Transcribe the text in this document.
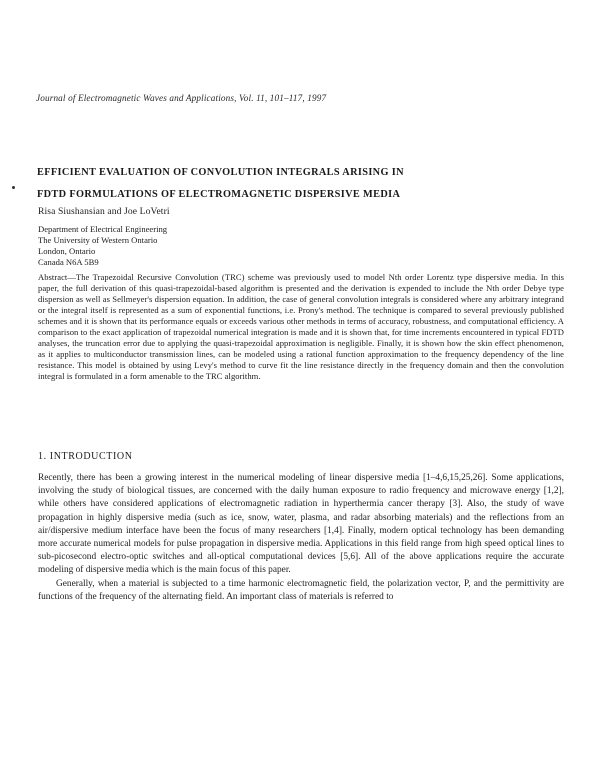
Journal of Electromagnetic Waves and Applications, Vol. 11, 101–117, 1997
EFFICIENT EVALUATION OF CONVOLUTION INTEGRALS ARISING IN
FDTD FORMULATIONS OF ELECTROMAGNETIC DISPERSIVE MEDIA
Risa Siushansian and Joe LoVetri
Department of Electrical Engineering
The University of Western Ontario
London, Ontario
Canada N6A 5B9
Abstract—The Trapezoidal Recursive Convolution (TRC) scheme was previously used to model Nth order Lorentz type dispersive media. In this paper, the full derivation of this quasi-trapezoidal-based algorithm is presented and the derivation is expended to include the Nth order Debye type dispersion as well as Sellmeyer's dispersion equation. In addition, the case of general convolution integrals is considered where any arbitrary integrand or the integral itself is represented as a sum of exponential functions, i.e. Prony's method. The technique is compared to several previously published schemes and it is shown that its performance equals or exceeds various other methods in terms of accuracy, robustness, and computational efficiency. A comparison to the exact application of trapezoidal numerical integration is made and it is shown that, for time increments encountered in typical FDTD analyses, the truncation error due to applying the quasi-trapezoidal approximation is negligible. Finally, it is shown how the skin effect phenomenon, as it applies to multiconductor transmission lines, can be modeled using a rational function approximation to the frequency dependency of the line resistance. This model is obtained by using Levy's method to curve fit the line resistance directly in the frequency domain and then the convolution integral is formulated in a form amenable to the TRC algorithm.
1. INTRODUCTION

Recently, there has been a growing interest in the numerical modeling of linear dispersive media [1–4,6,15,25,26]. Some applications, involving the study of biological tissues, are concerned with the daily human exposure to radio frequency and microwave energy [1,2], while others have considered applications of electromagnetic radiation in hyperthermia cancer therapy [3]. Also, the study of wave propagation in highly dispersive media (such as ice, snow, water, plasma, and radar absorbing materials) and the reflections from an air/dispersive medium interface have been the focus of many researchers [1,4]. Finally, modern optical technology has been demanding more accurate numerical models for pulse propagation in dispersive media. Applications in this field range from high speed optical lines to sub-picosecond electro-optic switches and all-optical computational devices [5,6]. All of the above applications require the accurate modeling of dispersive media which is the main focus of this paper.

Generally, when a material is subjected to a time harmonic electromagnetic field, the polarization vector, P, and the permittivity are functions of the frequency of the alternating field. An important class of materials is referred to
